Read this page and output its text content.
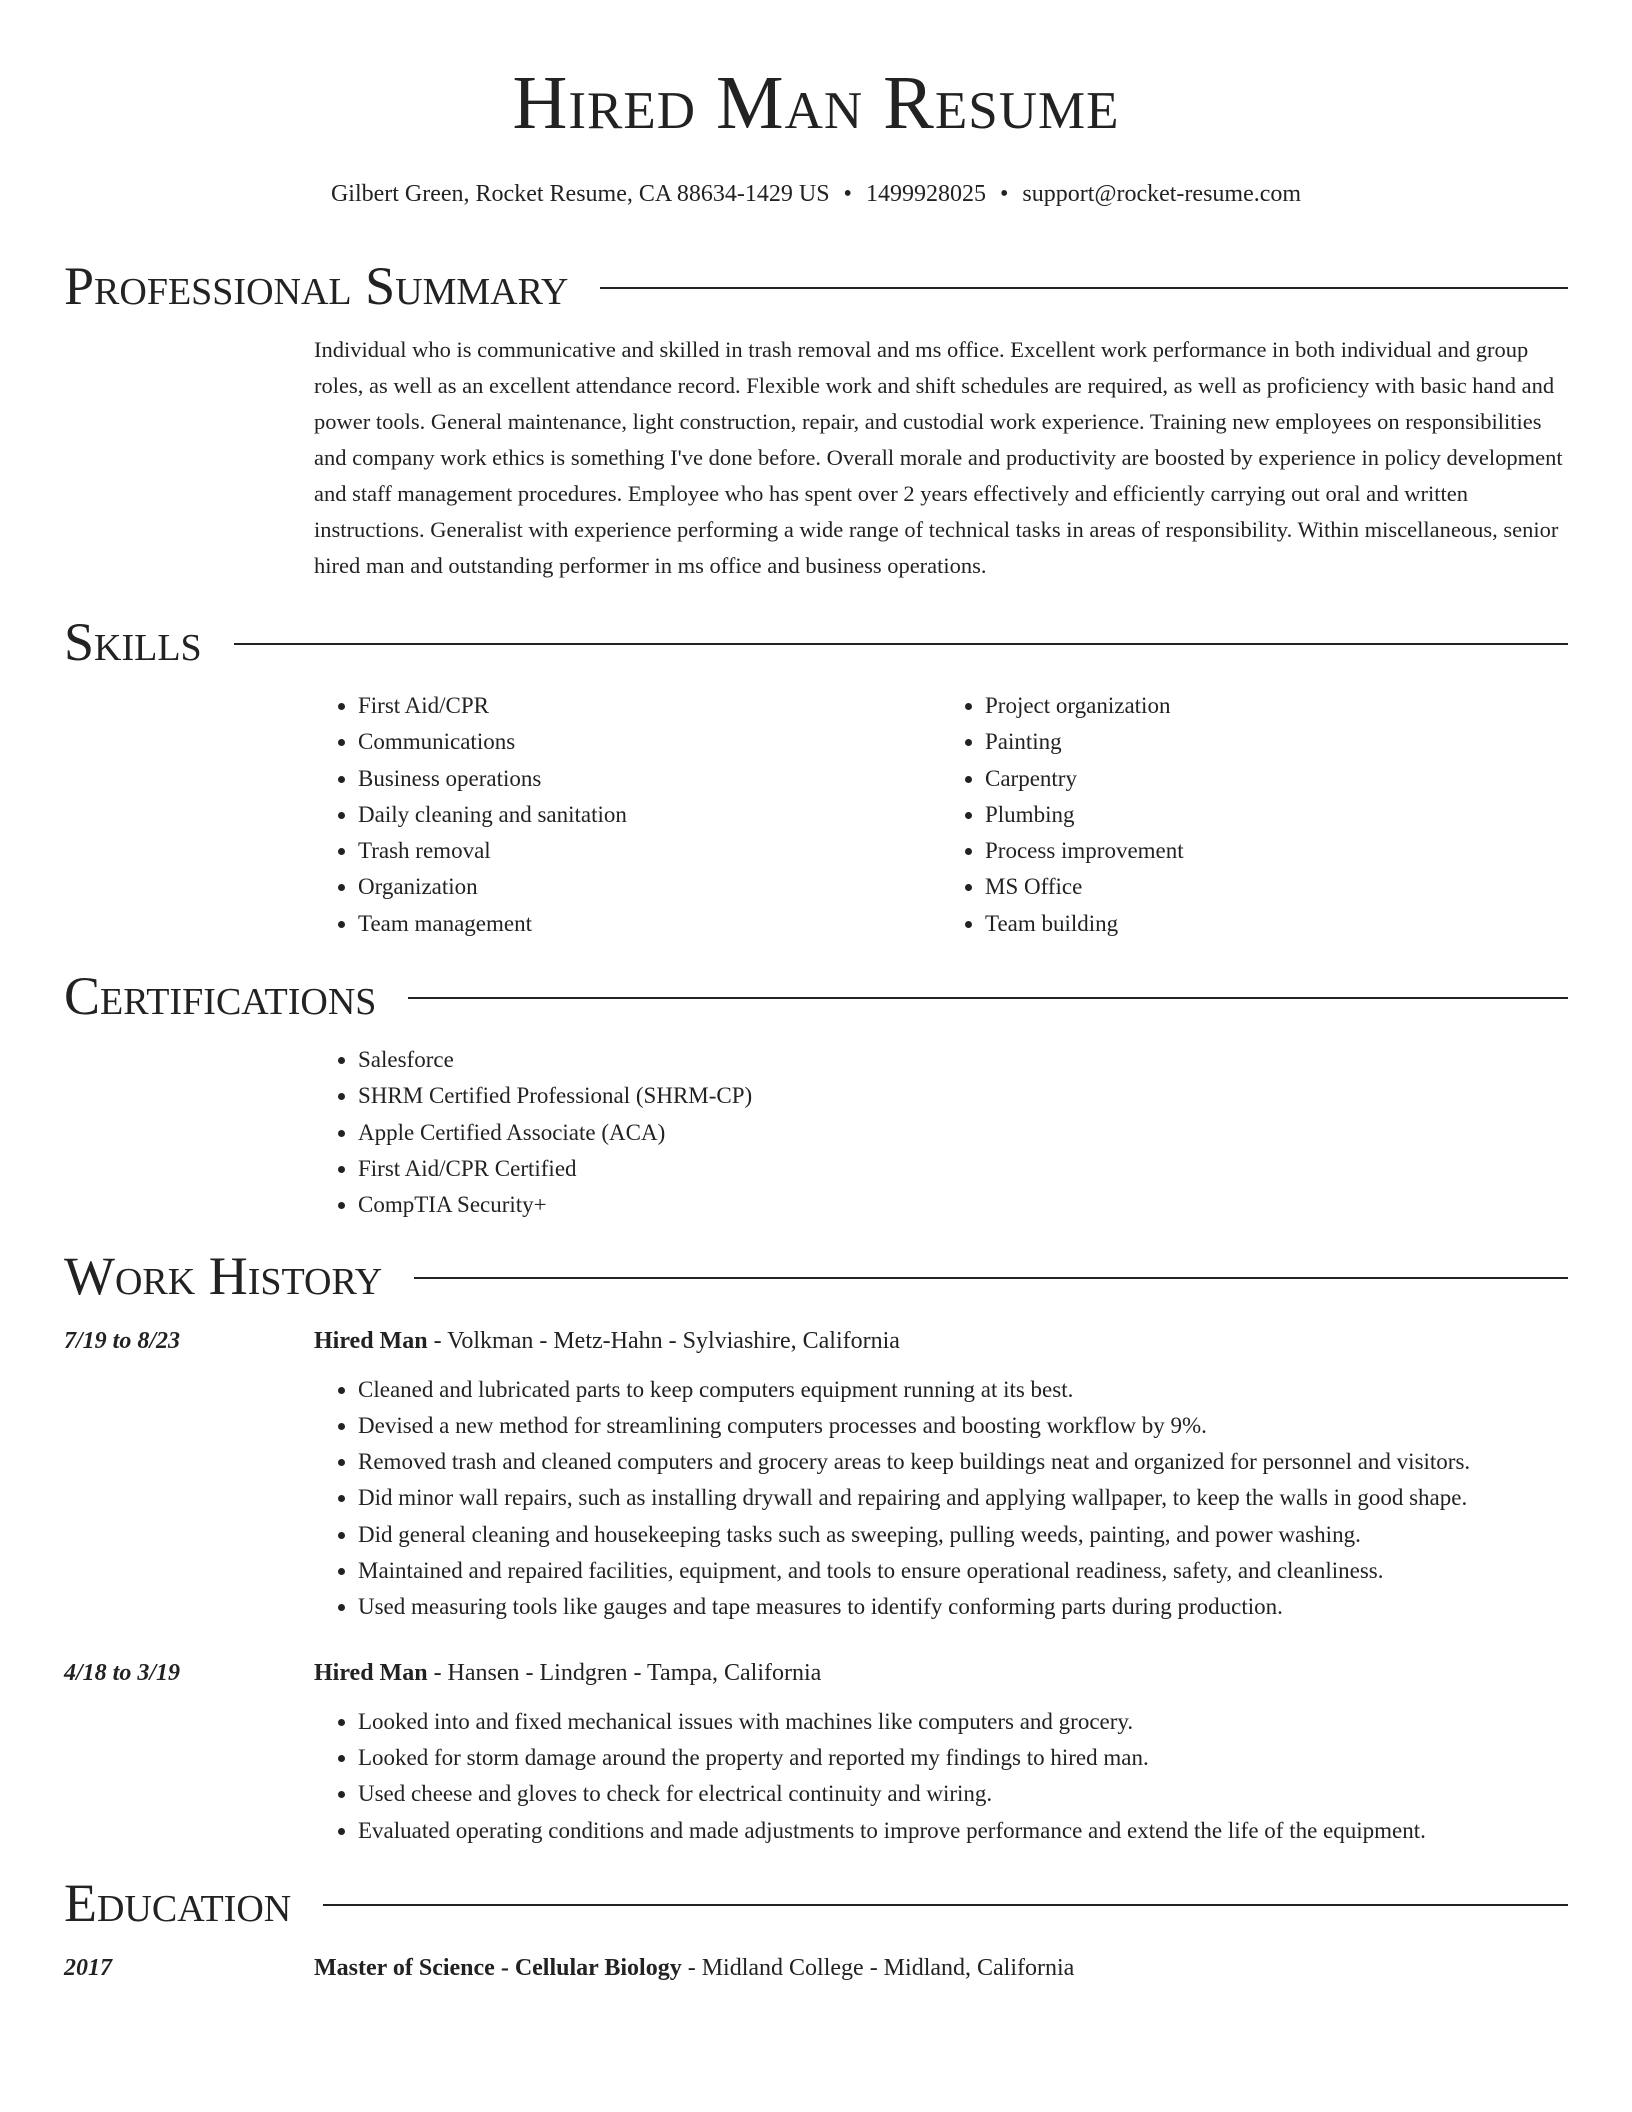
Hired Man Resume
Gilbert Green, Rocket Resume, CA 88634-1429 US • 1499928025 • support@rocket-resume.com
Professional Summary

Individual who is communicative and skilled in trash removal and ms office. Excellent work performance in both individual and group roles, as well as an excellent attendance record. Flexible work and shift schedules are required, as well as proficiency with basic hand and power tools. General maintenance, light construction, repair, and custodial work experience. Training new employees on responsibilities and company work ethics is something I've done before. Overall morale and productivity are boosted by experience in policy development and staff management procedures. Employee who has spent over 2 years effectively and efficiently carrying out oral and written instructions. Generalist with experience performing a wide range of technical tasks in areas of responsibility. Within miscellaneous, senior hired man and outstanding performer in ms office and business operations.

Skills
• First Aid/CPR
• Communications
• Business operations
• Daily cleaning and sanitation
• Trash removal
• Organization
• Team management
• Project organization
• Painting
• Carpentry
• Plumbing
• Process improvement
• MS Office
• Team building
Certifications
• Salesforce
• SHRM Certified Professional (SHRM-CP)
• Apple Certified Associate (ACA)
• First Aid/CPR Certified
• CompTIA Security+
Work History
7/19 to 8/23	Hired Man - Volkman - Metz-Hahn - Sylviashire, California
• Cleaned and lubricated parts to keep computers equipment running at its best.
• Devised a new method for streamlining computers processes and boosting workflow by 9%.
• Removed trash and cleaned computers and grocery areas to keep buildings neat and organized for personnel and visitors.
• Did minor wall repairs, such as installing drywall and repairing and applying wallpaper, to keep the walls in good shape.
• Did general cleaning and housekeeping tasks such as sweeping, pulling weeds, painting, and power washing.
• Maintained and repaired facilities, equipment, and tools to ensure operational readiness, safety, and cleanliness.
• Used measuring tools like gauges and tape measures to identify conforming parts during production.
4/18 to 3/19	Hired Man - Hansen - Lindgren - Tampa, California
• Looked into and fixed mechanical issues with machines like computers and grocery.
• Looked for storm damage around the property and reported my findings to hired man.
• Used cheese and gloves to check for electrical continuity and wiring.
• Evaluated operating conditions and made adjustments to improve performance and extend the life of the equipment.
Education
2017	Master of Science - Cellular Biology - Midland College - Midland, California
